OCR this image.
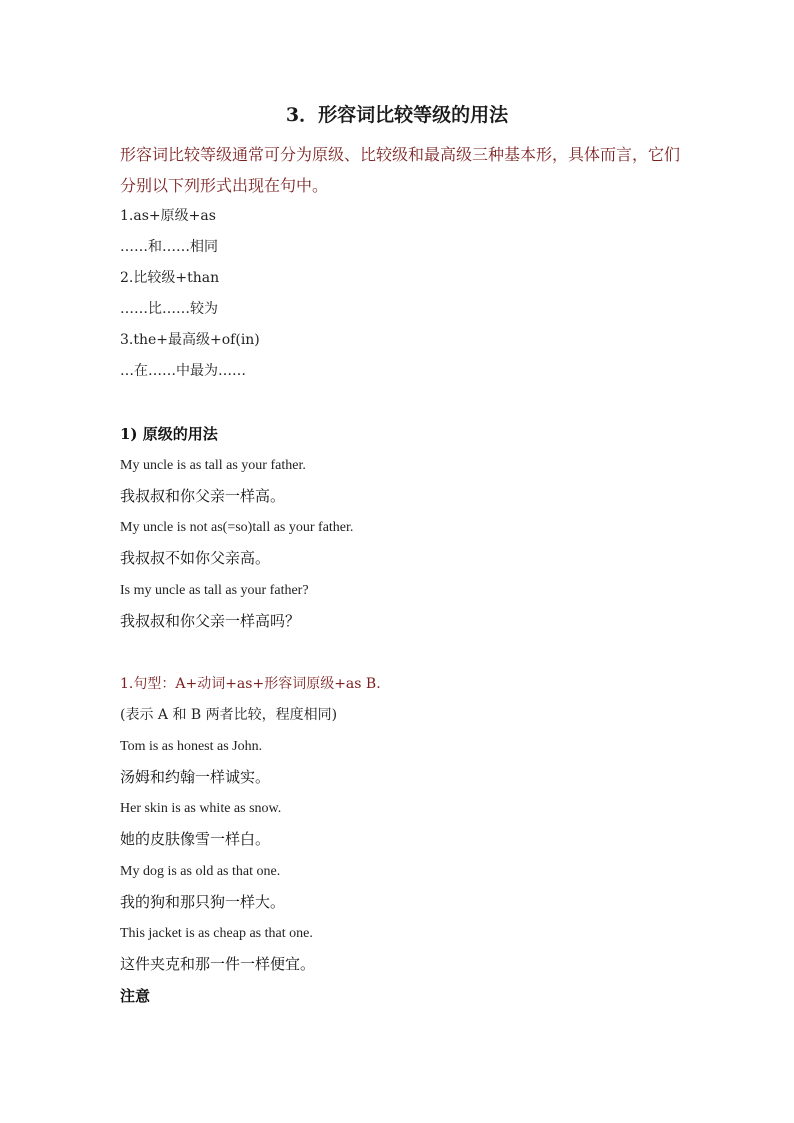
3．形容词比较等级的用法
形容词比较等级通常可分为原级、比较级和最高级三种基本形，具体而言，它们
分别以下列形式出现在句中。
1.as+原级+as
……和……相同
2.比较级+than
……比……较为
3.the+最高级+of(in)
…在……中最为……
1) 原级的用法
My uncle is as tall as your father.
我叔叔和你父亲一样高。
My uncle is not as(=so)tall as your father.
我叔叔不如你父亲高。
Is my uncle as tall as your father?
我叔叔和你父亲一样高吗？
1.句型：A+动词+as+形容词原级+as B.
(表示 A 和 B 两者比较，程度相同)
Tom is as honest as John.
汤姆和约翰一样诚实。
Her skin is as white as snow.
她的皮肤像雪一样白。
My dog is as old as that one.
我的狗和那只狗一样大。
This jacket is as cheap as that one.
这件夹克和那一件一样便宜。
注意
